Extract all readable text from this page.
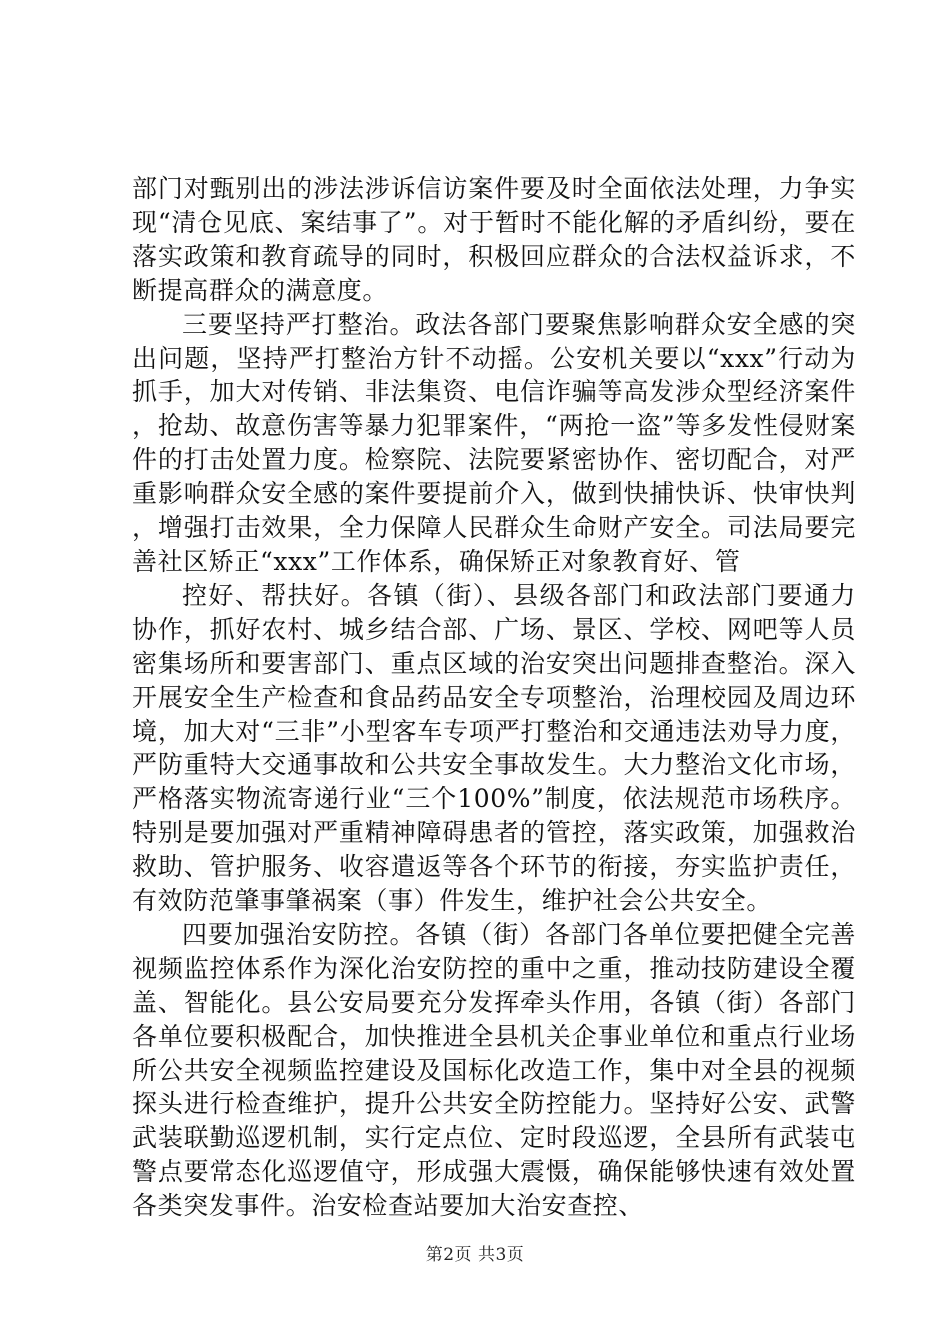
部门对甄别出的涉法涉诉信访案件要及时全面依法处理，力争实现“清仓见底、案结事了”。对于暂时不能化解的矛盾纠纷，要在落实政策和教育疏导的同时，积极回应群众的合法权益诉求，不断提高群众的满意度。

三要坚持严打整治。政法各部门要聚焦影响群众安全感的突出问题，坚持严打整治方针不动摇。公安机关要以“xxx”行动为抓手，加大对传销、非法集资、电信诈骗等高发涉众型经济案件，抢劫、故意伤害等暴力犯罪案件，“两抢一盗”等多发性侵财案件的打击处置力度。检察院、法院要紧密协作、密切配合，对严重影响群众安全感的案件要提前介入，做到快捕快诉、快审快判，增强打击效果，全力保障人民群众生命财产安全。司法局要完善社区矫正“xxx”工作体系，确保矫正对象教育好、管

控好、帮扶好。各镇（街）、县级各部门和政法部门要通力协作，抓好农村、城乡结合部、广场、景区、学校、网吧等人员密集场所和要害部门、重点区域的治安突出问题排查整治。深入开展安全生产检查和食品药品安全专项整治，治理校园及周边环境，加大对“三非”小型客车专项严打整治和交通违法劝导力度，严防重特大交通事故和公共安全事故发生。大力整治文化市场，严格落实物流寄递行业“三个100%”制度，依法规范市场秩序。特别是要加强对严重精神障碍患者的管控，落实政策，加强救治救助、管护服务、收容遣返等各个环节的衔接，夯实监护责任，有效防范肇事肇祸案（事）件发生，维护社会公共安全。

四要加强治安防控。各镇（街）各部门各单位要把健全完善视频监控体系作为深化治安防控的重中之重，推动技防建设全覆盖、智能化。县公安局要充分发挥牵头作用，各镇（街）各部门各单位要积极配合，加快推进全县机关企事业单位和重点行业场所公共安全视频监控建设及国标化改造工作，集中对全县的视频探头进行检查维护，提升公共安全防控能力。坚持好公安、武警武装联勤巡逻机制，实行定点位、定时段巡逻，全县所有武装屯警点要常态化巡逻值守，形成强大震慑，确保能够快速有效处置各类突发事件。治安检查站要加大治安查控、

第2页 共3页
